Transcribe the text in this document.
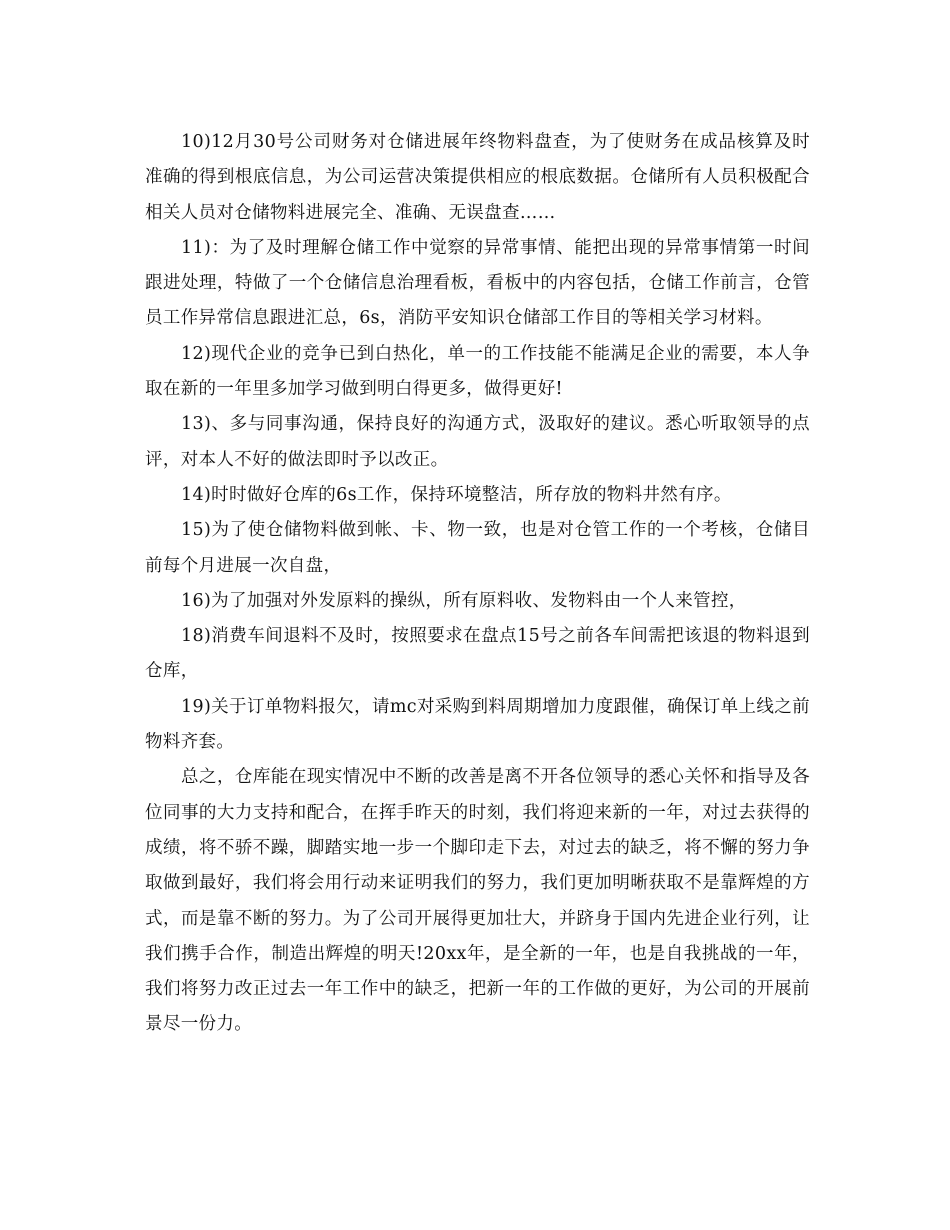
10)12月30号公司财务对仓储进展年终物料盘查，为了使财务在成品核算及时准确的得到根底信息，为公司运营决策提供相应的根底数据。仓储所有人员积极配合相关人员对仓储物料进展完全、准确、无误盘查……

11)：为了及时理解仓储工作中觉察的异常事情、能把出现的异常事情第一时间跟进处理，特做了一个仓储信息治理看板，看板中的内容包括，仓储工作前言，仓管员工作异常信息跟进汇总，6s，消防平安知识仓储部工作目的等相关学习材料。

12)现代企业的竞争已到白热化，单一的工作技能不能满足企业的需要，本人争取在新的一年里多加学习做到明白得更多，做得更好!

13)、多与同事沟通，保持良好的沟通方式，汲取好的建议。悉心听取领导的点评，对本人不好的做法即时予以改正。

14)时时做好仓库的6s工作，保持环境整洁，所存放的物料井然有序。

15)为了使仓储物料做到帐、卡、物一致，也是对仓管工作的一个考核，仓储目前每个月进展一次自盘，

16)为了加强对外发原料的操纵，所有原料收、发物料由一个人来管控，

18)消费车间退料不及时，按照要求在盘点15号之前各车间需把该退的物料退到仓库，

19)关于订单物料报欠，请mc对采购到料周期增加力度跟催，确保订单上线之前物料齐套。

总之，仓库能在现实情况中不断的改善是离不开各位领导的悉心关怀和指导及各位同事的大力支持和配合，在挥手昨天的时刻，我们将迎来新的一年，对过去获得的成绩，将不骄不躁，脚踏实地一步一个脚印走下去，对过去的缺乏，将不懈的努力争取做到最好，我们将会用行动来证明我们的努力，我们更加明晰获取不是靠辉煌的方式，而是靠不断的努力。为了公司开展得更加壮大，并跻身于国内先进企业行列，让我们携手合作，制造出辉煌的明天!20xx年，是全新的一年，也是自我挑战的一年，我们将努力改正过去一年工作中的缺乏，把新一年的工作做的更好，为公司的开展前景尽一份力。
